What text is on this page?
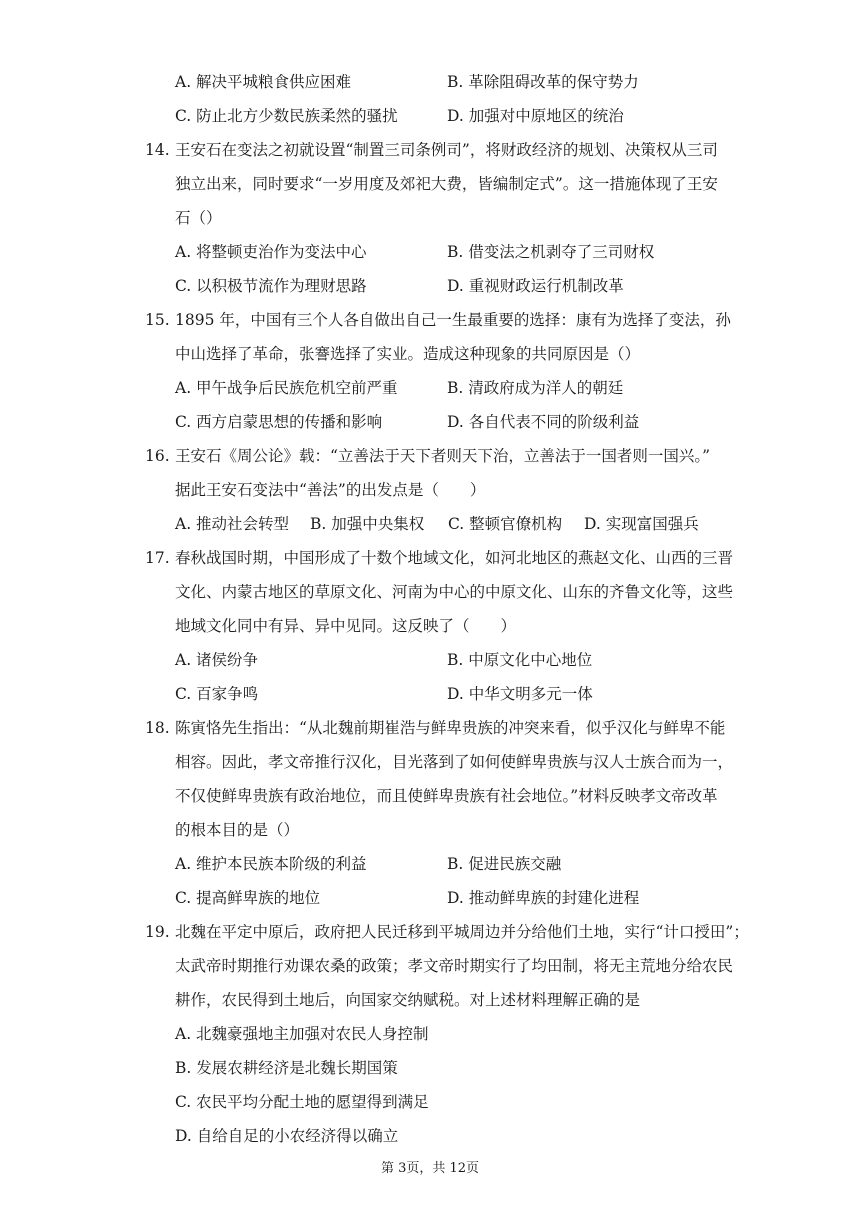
A. 解决平城粮食供应困难	B. 革除阻碍改革的保守势力
C. 防止北方少数民族柔然的骚扰	D. 加强对中原地区的统治
14. 王安石在变法之初就设置“制置三司条例司”，将财政经济的规划、决策权从三司
独立出来，同时要求“一岁用度及郊祀大费，皆编制定式”。这一措施体现了王安
石（）
A. 将整顿吏治作为变法中心	B. 借变法之机剥夺了三司财权
C. 以积极节流作为理财思路	D. 重视财政运行机制改革
15. 1895 年，中国有三个人各自做出自己一生最重要的选择：康有为选择了变法，孙
中山选择了革命，张謇选择了实业。造成这种现象的共同原因是（）
A. 甲午战争后民族危机空前严重	B. 清政府成为洋人的朝廷
C. 西方启蒙思想的传播和影响	D. 各自代表不同的阶级利益
16. 王安石《周公论》载：“立善法于天下者则天下治，立善法于一国者则一国兴。”
据此王安石变法中“善法”的出发点是（　　）
A. 推动社会转型 B. 加强中央集权 C. 整顿官僚机构 D. 实现富国强兵
17. 春秋战国时期，中国形成了十数个地域文化，如河北地区的燕赵文化、山西的三晋
文化、内蒙古地区的草原文化、河南为中心的中原文化、山东的齐鲁文化等，这些
地域文化同中有异、异中见同。这反映了（　　）
A. 诸侯纷争	B. 中原文化中心地位
C. 百家争鸣	D. 中华文明多元一体
18. 陈寅恪先生指出：“从北魏前期崔浩与鲜卑贵族的冲突来看，似乎汉化与鲜卑不能
相容。因此，孝文帝推行汉化，目光落到了如何使鲜卑贵族与汉人士族合而为一，
不仅使鲜卑贵族有政治地位，而且使鲜卑贵族有社会地位。”材料反映孝文帝改革
的根本目的是（）
A. 维护本民族本阶级的利益	B. 促进民族交融
C. 提高鲜卑族的地位	D. 推动鲜卑族的封建化进程
19. 北魏在平定中原后，政府把人民迁移到平城周边并分给他们土地，实行“计口授田”；
太武帝时期推行劝课农桑的政策；孝文帝时期实行了均田制，将无主荒地分给农民
耕作，农民得到土地后，向国家交纳赋税。对上述材料理解正确的是
A. 北魏豪强地主加强对农民人身控制
B. 发展农耕经济是北魏长期国策
C. 农民平均分配土地的愿望得到满足
D. 自给自足的小农经济得以确立
第 3页，共 12页
